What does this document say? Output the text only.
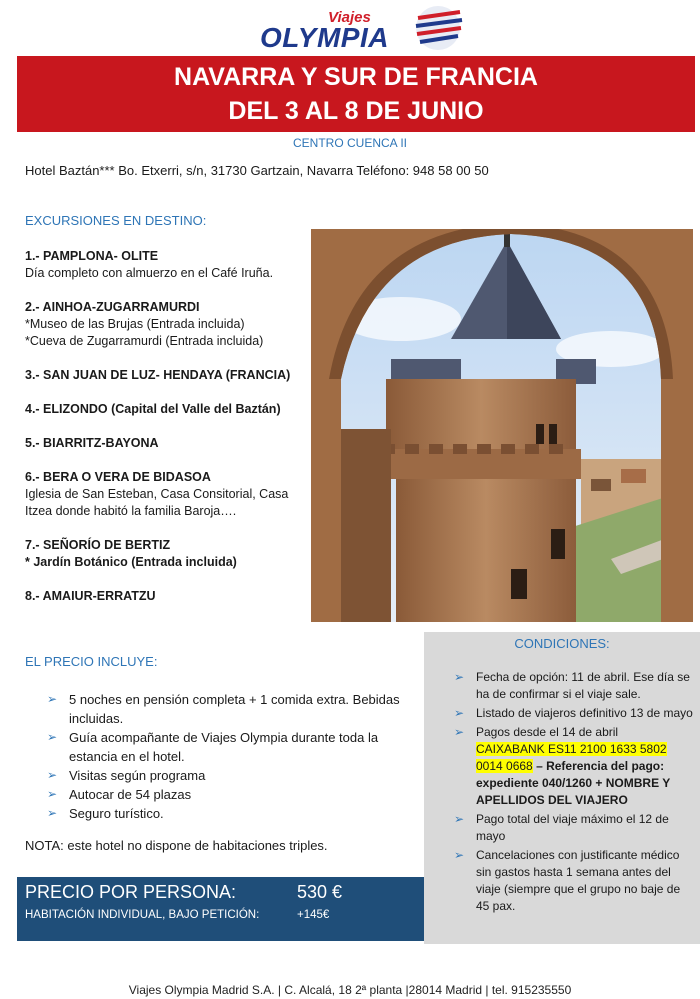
Viajes
OLYMPIA
NAVARRA Y SUR DE FRANCIA
DEL 3 AL 8 DE JUNIO
CENTRO CUENCA II
Hotel Baztán*** Bo. Etxerri, s/n, 31730 Gartzain, Navarra Teléfono: 948 58 00 50
EXCURSIONES EN DESTINO:
1.- PAMPLONA- OLITE
Día completo con almuerzo en el Café Iruña.
2.- AINHOA-ZUGARRAMURDI
*Museo de las Brujas (Entrada incluida)
*Cueva de Zugarramurdi (Entrada incluida)
3.- SAN JUAN DE LUZ- HENDAYA (FRANCIA)
4.- ELIZONDO (Capital del Valle del Baztán)
5.- BIARRITZ-BAYONA
6.- BERA O VERA DE BIDASOA
Iglesia de San Esteban, Casa Consitorial, Casa Itzea donde habitó la familia Baroja….
7.- SEÑORÍO DE BERTIZ
* Jardín Botánico (Entrada incluida)
8.- AMAIUR-ERRATZU
EL PRECIO INCLUYE:
➢ 5 noches en pensión completa + 1 comida extra. Bebidas incluidas.
➢ Guía acompañante de Viajes Olympia durante toda la estancia en el hotel.
➢ Visitas según programa
➢ Autocar de 54 plazas
➢ Seguro turístico.
NOTA: este hotel no dispone de habitaciones triples.
PRECIO POR PERSONA:	530 €
HABITACIÓN INDIVIDUAL, BAJO PETICIÓN:	+145€
CONDICIONES:
➢ Fecha de opción: 11 de abril. Ese día se ha de confirmar si el viaje sale.
➢ Listado de viajeros definitivo 13 de mayo
➢ Pagos desde el 14 de abril
CAIXABANK ES11 2100 1633 5802 0014 0668 – Referencia del pago: expediente 040/1260 + NOMBRE Y APELLIDOS DEL VIAJERO
➢ Pago total del viaje máximo el 12 de mayo
➢ Cancelaciones con justificante médico sin gastos hasta 1 semana antes del viaje (siempre que el grupo no baje de 45 pax.
Viajes Olympia Madrid S.A. | C. Alcalá, 18 2ª planta |28014 Madrid | tel. 915235550
